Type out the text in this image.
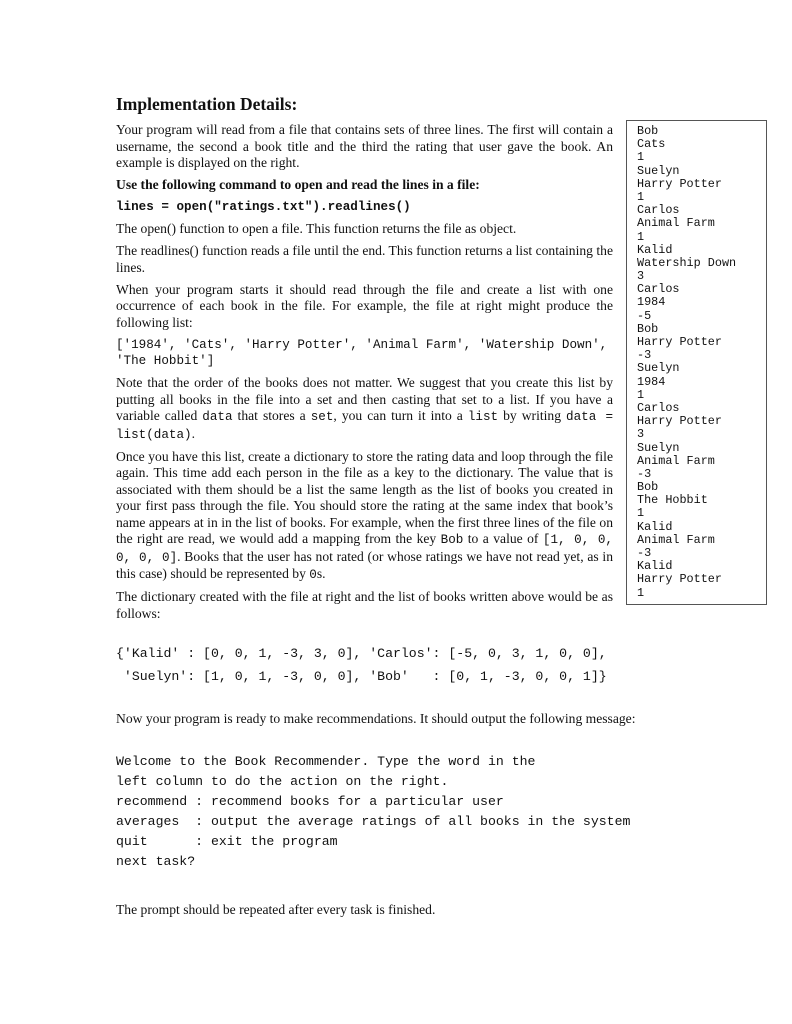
Implementation Details:

Your program will read from a file that contains sets of three lines. The first will contain a username, the second a book title and the third the rating that user gave the book. An example is displayed on the right.

Use the following command to open and read the lines in a file:

lines = open("ratings.txt").readlines()

The open() function to open a file. This function returns the file as object.

The readlines() function reads a file until the end. This function returns a list containing the lines.

When your program starts it should read through the file and create a list with one occurrence of each book in the file. For example, the file at right might produce the following list:

['1984', 'Cats', 'Harry Potter', 'Animal Farm', 'Watership Down', 'The Hobbit']

Note that the order of the books does not matter. We suggest that you create this list by putting all books in the file into a set and then casting that set to a list. If you have a variable called data that stores a set, you can turn it into a list by writing data = list(data).

Once you have this list, create a dictionary to store the rating data and loop through the file again. This time add each person in the file as a key to the dictionary. The value that is associated with them should be a list the same length as the list of books you created in your first pass through the file. You should store the rating at the same index that book’s name appears at in in the list of books. For example, when the first three lines of the file on the right are read, we would add a mapping from the key Bob to a value of [1, 0, 0, 0, 0, 0]. Books that the user has not rated (or whose ratings we have not read yet, as in this case) should be represented by 0s.

The dictionary created with the file at right and the list of books written above would be as follows:

Bob
Cats
1
Suelyn
Harry Potter
1
Carlos
Animal Farm
1
Kalid
Watership Down
3
Carlos
1984
-5
Bob
Harry Potter
-3
Suelyn
1984
1
Carlos
Harry Potter
3
Suelyn
Animal Farm
-3
Bob
The Hobbit
1
Kalid
Animal Farm
-3
Kalid
Harry Potter
1
{'Kalid' : [0, 0, 1, -3, 3, 0], 'Carlos': [-5, 0, 3, 1, 0, 0],
'Suelyn': [1, 0, 1, -3, 0, 0], 'Bob'   : [0, 1, -3, 0, 0, 1]}

Now your program is ready to make recommendations. It should output the following message:

Welcome to the Book Recommender. Type the word in the
left column to do the action on the right.
recommend : recommend books for a particular user
averages  : output the average ratings of all books in the system
quit      : exit the program
next task?

The prompt should be repeated after every task is finished.
